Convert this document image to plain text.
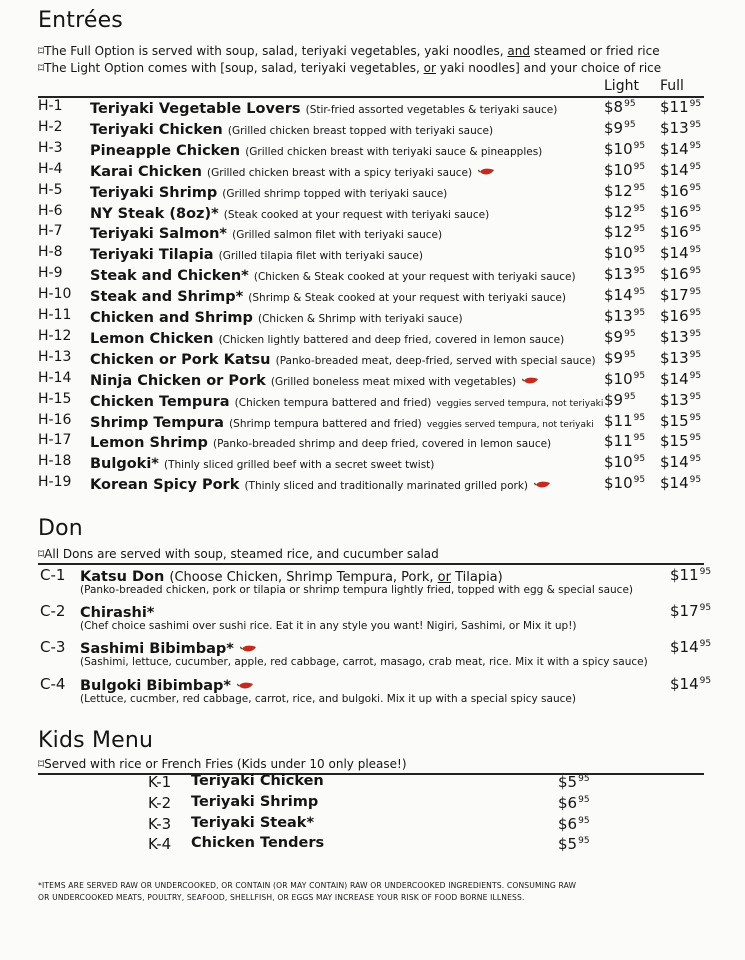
Entrées
⌑The Full Option is served with soup, salad, teriyaki vegetables, yaki noodles, and steamed or fried rice
⌑The Light Option comes with [soup, salad, teriyaki vegetables, or yaki noodles] and your choice of rice
Light Full
H-1 Teriyaki Vegetable Lovers (Stir-fried assorted vegetables & teriyaki sauce)	$\$8^{95}$ $\$11^{95}$
H-2 Teriyaki Chicken (Grilled chicken breast topped with teriyaki sauce)	$\$9^{95}$ $\$13^{95}$
H-3 Pineapple Chicken (Grilled chicken breast with teriyaki sauce & pineapples)	$\$10^{95}$ $\$14^{95}$
H-4 Karai Chicken (Grilled chicken breast with a spicy teriyaki sauce)	$\$10^{95}$ $\$14^{95}$
H-5 Teriyaki Shrimp (Grilled shrimp topped with teriyaki sauce)	$\$12^{95}$ $\$16^{95}$
H-6 NY Steak (8oz)* (Steak cooked at your request with teriyaki sauce)	$\$12^{95}$ $\$16^{95}$
H-7 Teriyaki Salmon* (Grilled salmon filet with teriyaki sauce)	$\$12^{95}$ $\$16^{95}$
H-8 Teriyaki Tilapia (Grilled tilapia filet with teriyaki sauce)	$\$10^{95}$ $\$14^{95}$
H-9 Steak and Chicken* (Chicken & Steak cooked at your request with teriyaki sauce) $\$13^{95}$ $\$16^{95}$
H-10 Steak and Shrimp* (Shrimp & Steak cooked at your request with teriyaki sauce)	$\$14^{95}$ $\$17^{95}$
H-11 Chicken and Shrimp (Chicken & Shrimp with teriyaki sauce)	$\$13^{95}$ $\$16^{95}$
H-12 Lemon Chicken (Chicken lightly battered and deep fried, covered in lemon sauce)	$\$9^{95}$ $\$13^{95}$
H-13 Chicken or Pork Katsu (Panko-breaded meat, deep-fried, served with special sauce) $\$9^{95}$ $\$13^{95}$
H-14 Ninja Chicken or Pork (Grilled boneless meat mixed with vegetables)	$\$10^{95}$ $\$14^{95}$
H-15 Chicken Tempura (Chicken tempura battered and fried) veggies served tempura, not teriyaki $\$9^{95}$ $\$13^{95}$
H-16 Shrimp Tempura (Shrimp tempura battered and fried) veggies served tempura, not teriyaki $\$11^{95}$ $\$15^{95}$
H-17 Lemon Shrimp (Panko-breaded shrimp and deep fried, covered in lemon sauce)	$\$11^{95}$ $\$15^{95}$
H-18 Bulgoki* (Thinly sliced grilled beef with a secret sweet twist)	$\$10^{95}$ $\$14^{95}$
H-19 Korean Spicy Pork (Thinly sliced and traditionally marinated grilled pork)	$\$10^{95}$ $\$14^{95}$
Don
⌑All Dons are served with soup, steamed rice, and cucumber salad
C-1 Katsu Don (Choose Chicken, Shrimp Tempura, Pork, or Tilapia)
(Panko-breaded chicken, pork or tilapia or shrimp tempura lightly fried, topped with egg & special sauce)
$\$11^{95}$
C-2 Chirashi*
(Chef choice sashimi over sushi rice. Eat it in any style you want! Nigiri, Sashimi, or Mix it up!)
$\$17^{95}$
C-3 Sashimi Bibimbap*
(Sashimi, lettuce, cucumber, apple, red cabbage, carrot, masago, crab meat, rice. Mix it with a spicy sauce)
$\$14^{95}$
C-4 Bulgoki Bibimbap*
(Lettuce, cucmber, red cabbage, carrot, rice, and bulgoki. Mix it up with a special spicy sauce)
$\$14^{95}$
Kids Menu
⌑Served with rice or French Fries (Kids under 10 only please!)
K-1 Teriyaki Chicken	$\$5^{95}$
K-2 Teriyaki Shrimp	$\$6^{95}$
K-3 Teriyaki Steak*	$\$6^{95}$
K-4 Chicken Tenders	$\$5^{95}$
*ITEMS ARE SERVED RAW OR UNDERCOOKED, OR CONTAIN (OR MAY CONTAIN) RAW OR UNDERCOOKED INGREDIENTS. CONSUMING RAW
OR UNDERCOOKED MEATS, POULTRY, SEAFOOD, SHELLFISH, OR EGGS MAY INCREASE YOUR RISK OF FOOD BORNE ILLNESS.
